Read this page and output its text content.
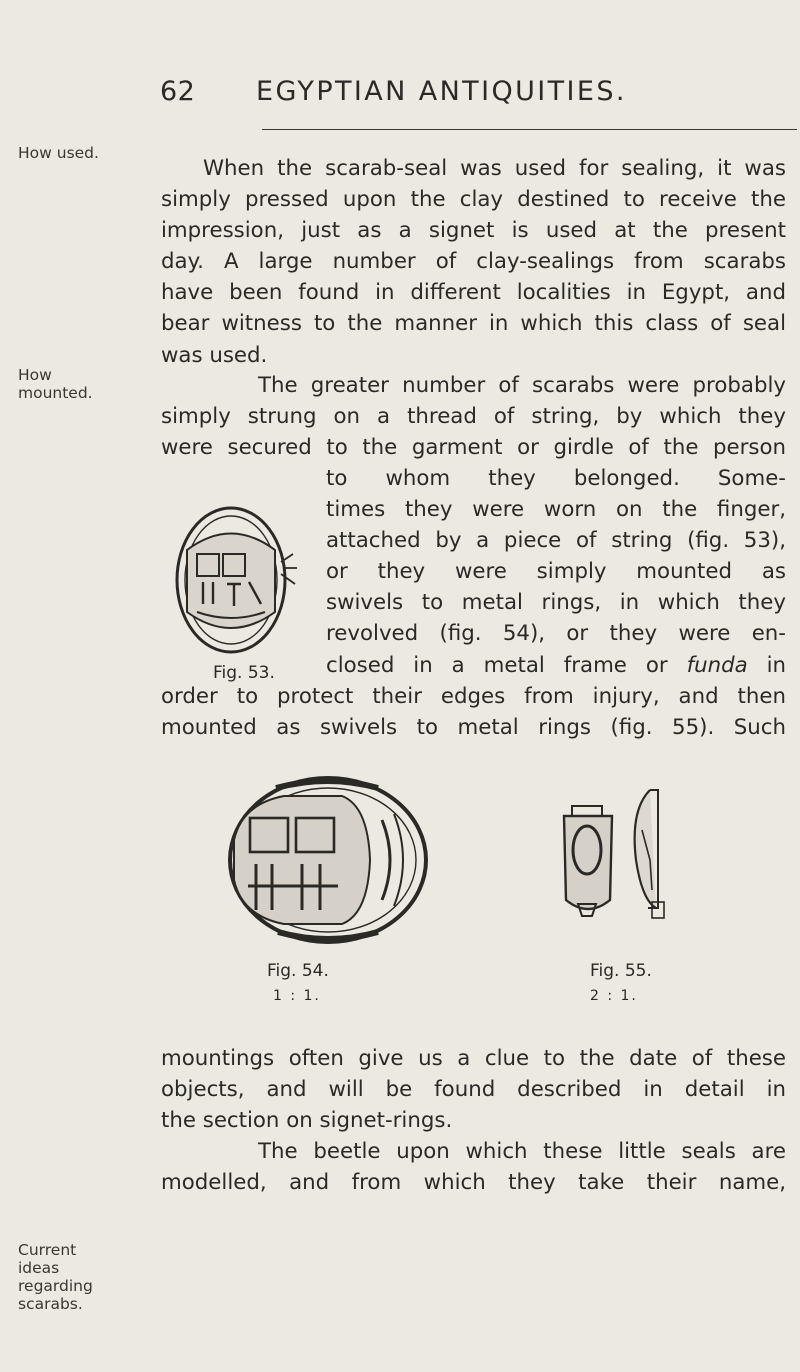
62 EGYPTIAN ANTIQUITIES.
How used.
How
mounted.
Current
ideas
regarding
scarabs.
When the scarab-seal was used for sealing, it was
simply pressed upon the clay destined to receive the
impression, just as a signet is used at the present
day. A large number of clay-sealings from scarabs
have been found in different localities in Egypt, and
bear witness to the manner in which this class of seal
was used.
The greater number of scarabs were probably
simply strung on a thread of string, by which they
were secured to the garment or girdle of the person
Fig. 53.
to whom they belonged. Some-
times they were worn on the finger,
attached by a piece of string (fig. 53),
or they were simply mounted as
swivels to metal rings, in which they
revolved (fig. 54), or they were en-
closed in a metal frame or funda in
order to protect their edges from injury, and then
mounted as swivels to metal rings (fig. 55). Such
Fig. 54.
1 : 1.
Fig. 55.
2 : 1.
mountings often give us a clue to the date of these
objects, and will be found described in detail in
the section on signet-rings.
The beetle upon which these little seals are
modelled, and from which they take their name,
